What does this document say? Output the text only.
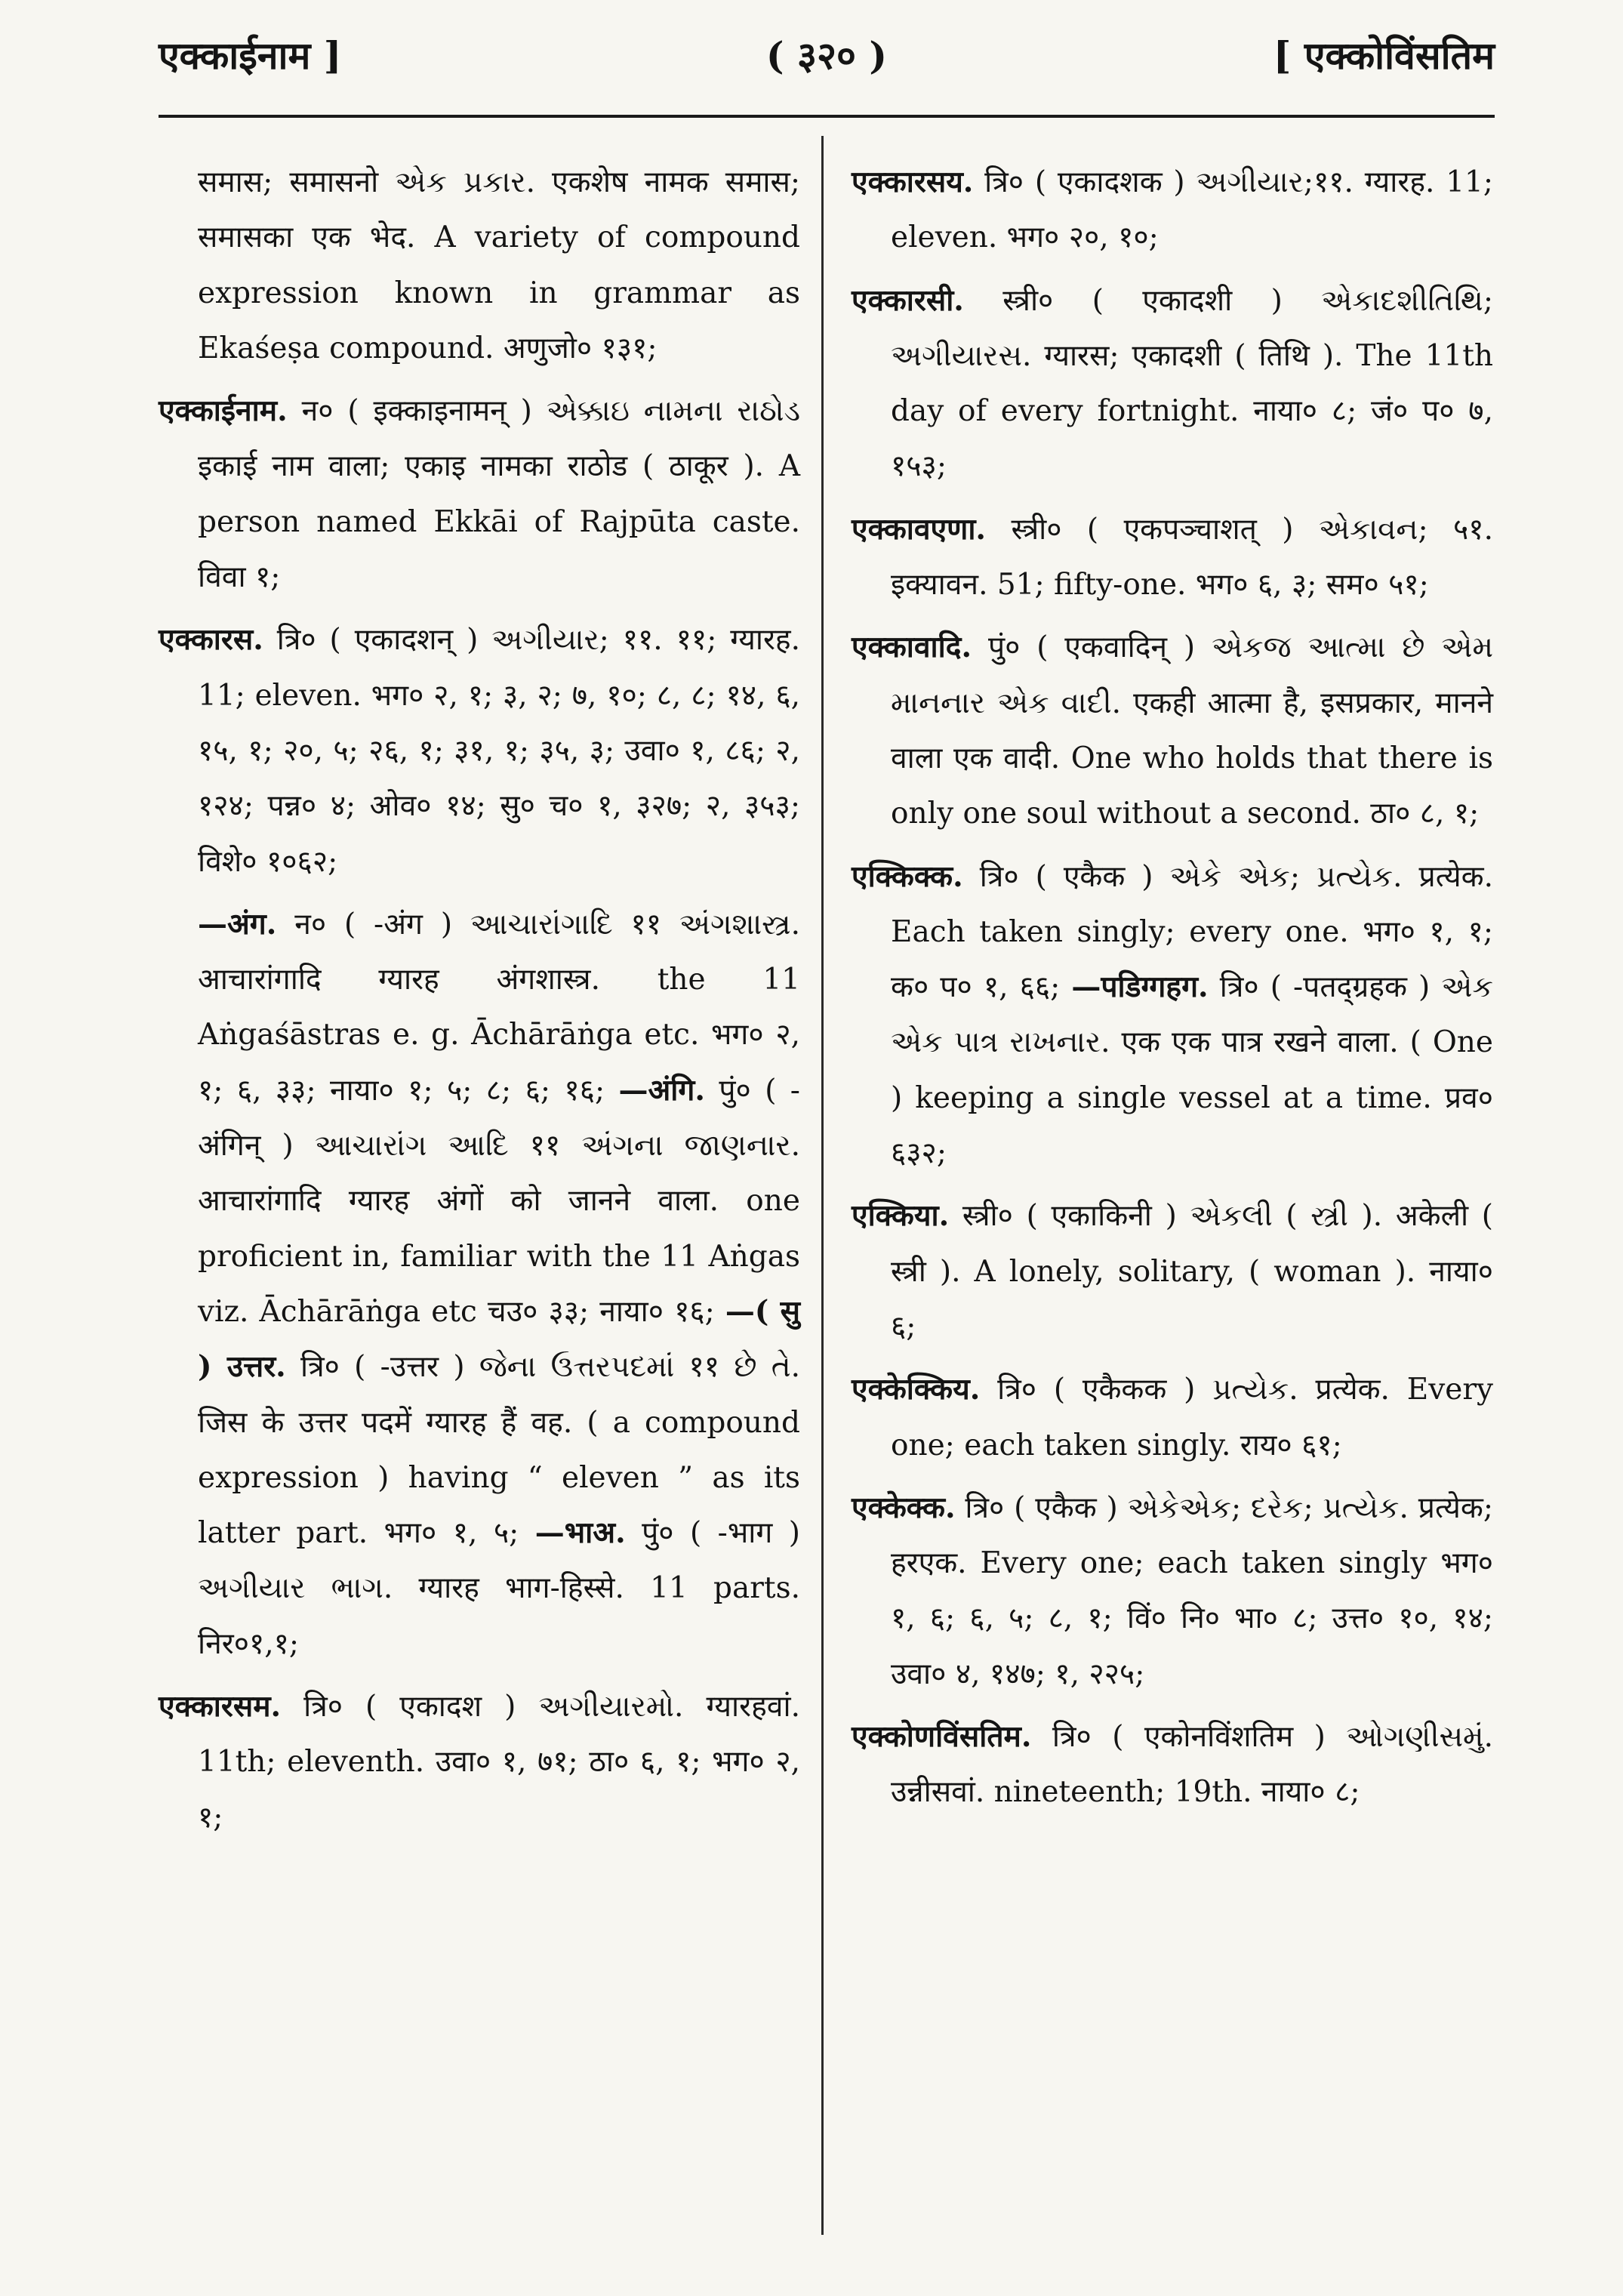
एक्काईनाम ]	( ३२० )	[ एक्कोविंसतिम

समास; समासनो એક પ્રકાર. एकशेष नामक समास; समासका एक भेद. A variety of compound expression known in grammar as Ekaśeṣa compound. अणुजो० १३१;

एक्काईनाम. न० ( इक्काइनामन् ) એક્કાઇ નામના રાઠોડ इकाई नाम वाला; एकाइ नामका राठोड ( ठाकूर ). A person named Ekkāi of Rajpūta caste. विवा १;

एक्कारस. त्रि० ( एकादशन् ) અગીયાર; ११. ११; ग्यारह. 11; eleven. भग० २, १; ३, २; ७, १०; ८, ८; १४, ६, १५, १; २०, ५; २६, १; ३१, १; ३५, ३; उवा० १, ८६; २, १२४; पन्न० ४; ओव० १४; सु० च० १, ३२७; २, ३५३; विशे० १०६२;

—अंग. न० ( -अंग ) આચારાંગાદિ ११ અંગશાસ્ત્ર. आचारांगादि ग्यारह अंगशास्त्र. the 11 Aṅgaśāstras e. g. Āchārāṅga etc. भग० २, १; ६, ३३; नाया० १; ५; ८; ६; १६; —अंगि. पुं० ( -अंगिन् ) આચારાંગ આદિ ११ અંગના જાણનાર. आचारांगादि ग्यारह अंगों को जानने वाला. one proficient in, familiar with the 11 Aṅgas viz. Āchārāṅga etc चउ० ३३; नाया० १६; —( सु ) उत्तर. त्रि० ( -उत्तर ) જેના ઉત્તરપદમાં ११ છે તે. जिस के उत्तर पदमें ग्यारह हैं वह. ( a compound expression ) having “ eleven ” as its latter part. भग० १, ५; —भाअ. पुं० ( -भाग ) અગીયાર ભાગ. ग्यारह भाग-हिस्से. 11 parts. निर०१,१;

एक्कारसम. त्रि० ( एकादश ) અગીયારમો. ग्यारहवां. 11th; eleventh. उवा० १, ७१; ठा० ६, १; भग० २, १;

एक्कारसय. त्रि० ( एकादशक ) અગીયાર;११. ग्यारह. 11; eleven. भग० २०, १०;

एक्कारसी. स्त्री० ( एकादशी ) એકાદશીતિથિ; અગીયારસ. ग्यारस; एकादशी ( तिथि ). The 11th day of every fortnight. नाया० ८; जं० प० ७, १५३;

एक्कावएणा. स्त्री० ( एकपञ्चाशत् ) એકાવન; ५१. इक्यावन. 51; fifty-one. भग० ६, ३; सम० ५१;

एक्कावादि. पुं० ( एकवादिन् ) એકજ આત્મા છે એમ માનનાર એક વાદી. एकही आत्मा है, इसप्रकार, मानने वाला एक वादी. One who holds that there is only one soul without a second. ठा० ८, १;

एक्किक्क. त्रि० ( एकैक ) એકે એક; પ્રત્યેક. प्रत्येक. Each taken singly; every one. भग० १, १; क० प० १, ६६; —पडिग्गहग. त्रि० ( -पतद्ग्रहक ) એક એક પાત્ર રાખનાર. एक एक पात्र रखने वाला. ( One ) keeping a single vessel at a time. प्रव० ६३२;

एक्किया. स्त्री० ( एकाकिनी ) એકલી ( સ્ત્રી ). अकेली ( स्त्री ). A lonely, solitary, ( woman ). नाया० ६;

एक्केक्किय. त्रि० ( एकैकक ) પ્રત્યેક. प्रत्येक. Every one; each taken singly. राय० ६१;

एक्केक्क. त्रि० ( एकैक ) એકેએક; દરેક; પ્રત્યેક. प्रत्येक; हरएक. Every one; each taken singly भग० १, ६; ६, ५; ८, १; विं० नि० भा० ८; उत्त० १०, १४; उवा० ४, १४७; १, २२५;

एक्कोणविंसतिम. त्रि० ( एकोनविंशतिम ) ઓગણીસમું. उन्नीसवां. nineteenth; 19th. नाया० ८;
